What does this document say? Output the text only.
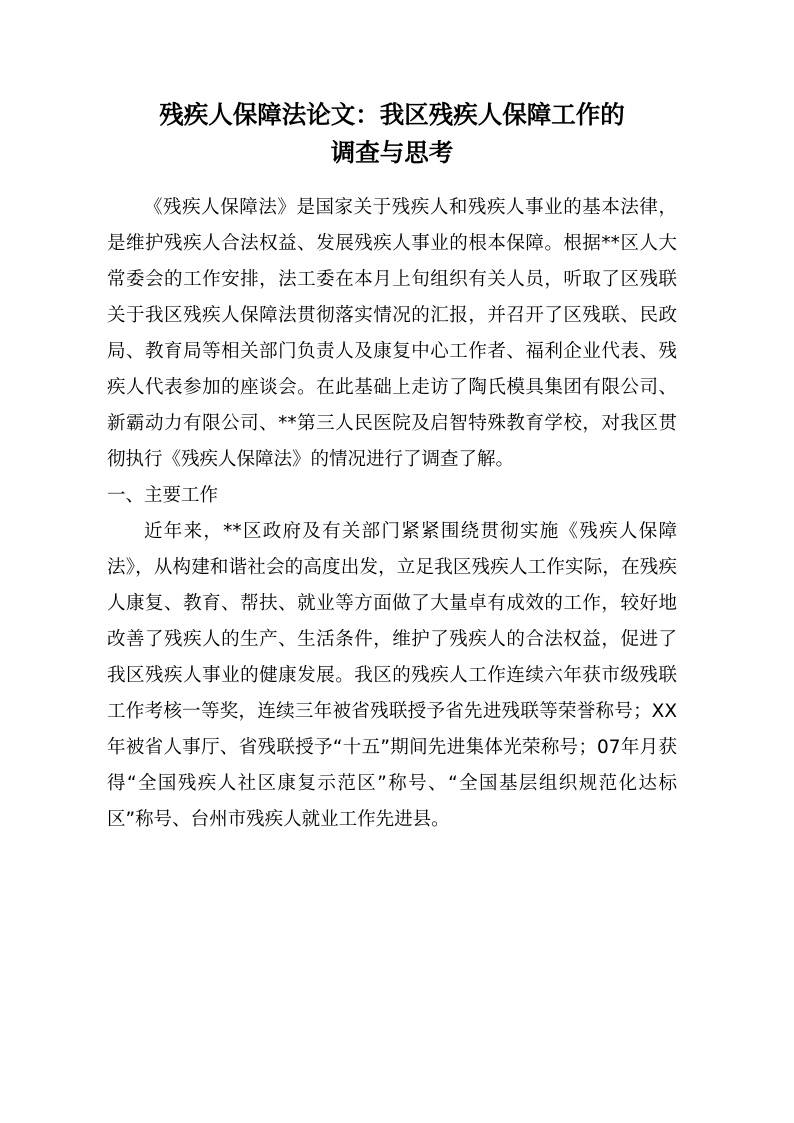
残疾人保障法论文：我区残疾人保障工作的
调查与思考

《残疾人保障法》是国家关于残疾人和残疾人事业的基本法律，是维护残疾人合法权益、发展残疾人事业的根本保障。根据**区人大常委会的工作安排，法工委在本月上旬组织有关人员，听取了区残联关于我区残疾人保障法贯彻落实情况的汇报，并召开了区残联、民政局、教育局等相关部门负责人及康复中心工作者、福利企业代表、残疾人代表参加的座谈会。在此基础上走访了陶氏模具集团有限公司、新霸动力有限公司、**第三人民医院及启智特殊教育学校，对我区贯彻执行《残疾人保障法》的情况进行了调查了解。

一、主要工作

近年来，**区政府及有关部门紧紧围绕贯彻实施《残疾人保障法》，从构建和谐社会的高度出发，立足我区残疾人工作实际，在残疾人康复、教育、帮扶、就业等方面做了大量卓有成效的工作，较好地改善了残疾人的生产、生活条件，维护了残疾人的合法权益，促进了我区残疾人事业的健康发展。我区的残疾人工作连续六年获市级残联工作考核一等奖，连续三年被省残联授予省先进残联等荣誉称号；XX年被省人事厅、省残联授予“十五”期间先进集体光荣称号；07年月获得“全国残疾人社区康复示范区”称号、“全国基层组织规范化达标区”称号、台州市残疾人就业工作先进县。
